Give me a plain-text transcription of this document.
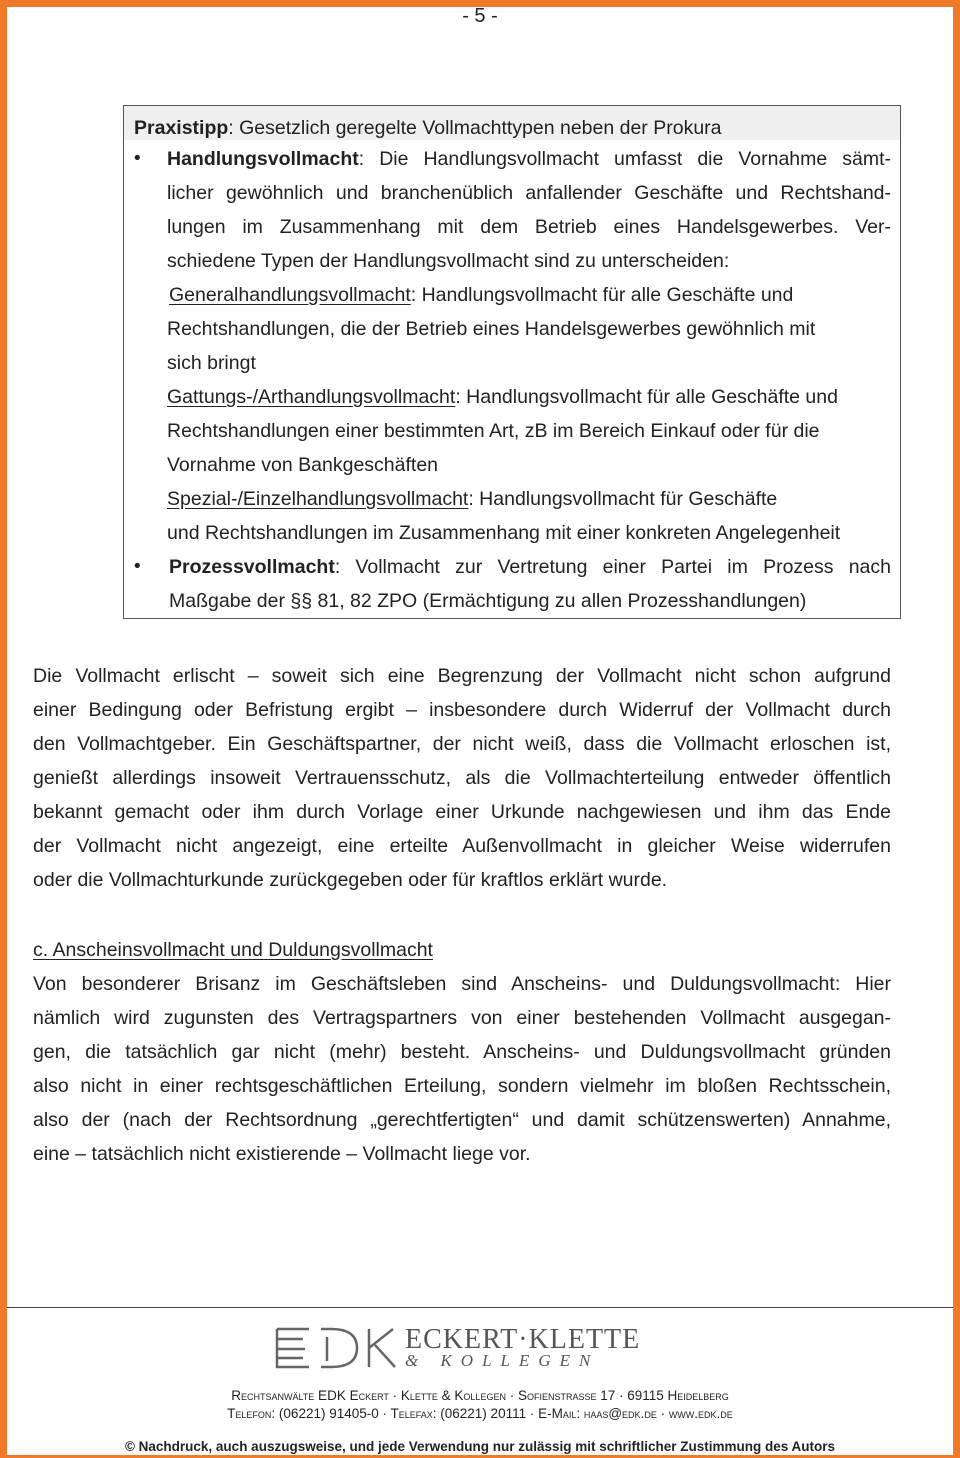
- 5 -
Praxistipp: Gesetzlich geregelte Vollmachttypen neben der Prokura
• Handlungsvollmacht: Die Handlungsvollmacht umfasst die Vornahme sämt-
licher gewöhnlich und branchenüblich anfallender Geschäfte und Rechtshand-
lungen im Zusammenhang mit dem Betrieb eines Handelsgewerbes. Ver-
schiedene Typen der Handlungsvollmacht sind zu unterscheiden:
Generalhandlungsvollmacht: Handlungsvollmacht für alle Geschäfte und
Rechtshandlungen, die der Betrieb eines Handelsgewerbes gewöhnlich mit
sich bringt
Gattungs-/Arthandlungsvollmacht: Handlungsvollmacht für alle Geschäfte und
Rechtshandlungen einer bestimmten Art, zB im Bereich Einkauf oder für die
Vornahme von Bankgeschäften
Spezial-/Einzelhandlungsvollmacht: Handlungsvollmacht für Geschäfte
und Rechtshandlungen im Zusammenhang mit einer konkreten Angelegenheit
• Prozessvollmacht: Vollmacht zur Vertretung einer Partei im Prozess nach
Maßgabe der §§ 81, 82 ZPO (Ermächtigung zu allen Prozesshandlungen)
Die Vollmacht erlischt – soweit sich eine Begrenzung der Vollmacht nicht schon aufgrund
einer Bedingung oder Befristung ergibt – insbesondere durch Widerruf der Vollmacht durch
den Vollmachtgeber. Ein Geschäftspartner, der nicht weiß, dass die Vollmacht erloschen ist,
genießt allerdings insoweit Vertrauensschutz, als die Vollmachterteilung entweder öffentlich
bekannt gemacht oder ihm durch Vorlage einer Urkunde nachgewiesen und ihm das Ende
der Vollmacht nicht angezeigt, eine erteilte Außenvollmacht in gleicher Weise widerrufen
oder die Vollmachturkunde zurückgegeben oder für kraftlos erklärt wurde.
c. Anscheinsvollmacht und Duldungsvollmacht
Von besonderer Brisanz im Geschäftsleben sind Anscheins- und Duldungsvollmacht: Hier
nämlich wird zugunsten des Vertragspartners von einer bestehenden Vollmacht ausgegan-
gen, die tatsächlich gar nicht (mehr) besteht. Anscheins- und Duldungsvollmacht gründen
also nicht in einer rechtsgeschäftlichen Erteilung, sondern vielmehr im bloßen Rechtsschein,
also der (nach der Rechtsordnung „gerechtfertigten“ und damit schützenswerten) Annahme,
eine – tatsächlich nicht existierende – Vollmacht liege vor.
ECKERT·KLETTE
& KOLLEGEN
Rechtsanwälte EDK Eckert · Klette & Kollegen · Sofienstrasse 17 · 69115 Heidelberg
Telefon: (06221) 91405-0 · Telefax: (06221) 20111 · E-Mail: haas@edk.de · www.edk.de
© Nachdruck, auch auszugsweise, und jede Verwendung nur zulässig mit schriftlicher Zustimmung des Autors
